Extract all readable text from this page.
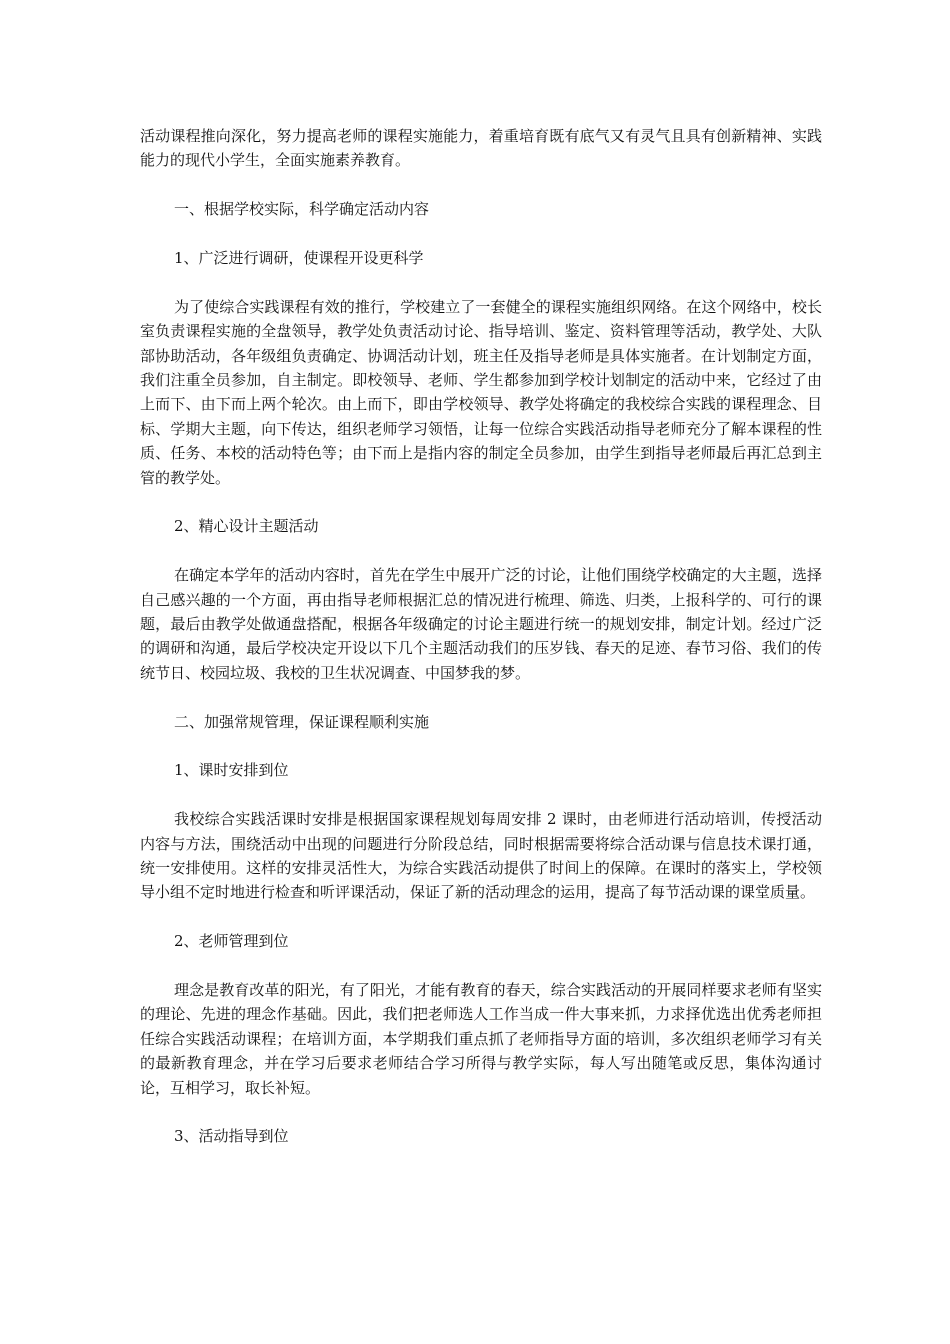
活动课程推向深化，努力提高老师的课程实施能力，着重培育既有底气又有灵气且具有创新精神、实践能力的现代小学生，全面实施素养教育。

一、根据学校实际，科学确定活动内容

1、广泛进行调研，使课程开设更科学

为了使综合实践课程有效的推行，学校建立了一套健全的课程实施组织网络。在这个网络中，校长室负责课程实施的全盘领导，教学处负责活动讨论、指导培训、鉴定、资料管理等活动，教学处、大队部协助活动，各年级组负责确定、协调活动计划，班主任及指导老师是具体实施者。在计划制定方面，我们注重全员参加，自主制定。即校领导、老师、学生都参加到学校计划制定的活动中来，它经过了由上而下、由下而上两个轮次。由上而下，即由学校领导、教学处将确定的我校综合实践的课程理念、目标、学期大主题，向下传达，组织老师学习领悟，让每一位综合实践活动指导老师充分了解本课程的性质、任务、本校的活动特色等；由下而上是指内容的制定全员参加，由学生到指导老师最后再汇总到主管的教学处。

2、精心设计主题活动

在确定本学年的活动内容时，首先在学生中展开广泛的讨论，让他们围绕学校确定的大主题，选择自己感兴趣的一个方面，再由指导老师根据汇总的情况进行梳理、筛选、归类，上报科学的、可行的课题，最后由教学处做通盘搭配，根据各年级确定的讨论主题进行统一的规划安排，制定计划。经过广泛的调研和沟通，最后学校决定开设以下几个主题活动我们的压岁钱、春天的足迹、春节习俗、我们的传统节日、校园垃圾、我校的卫生状况调查、中国梦我的梦。

二、加强常规管理，保证课程顺利实施

1、课时安排到位

我校综合实践活课时安排是根据国家课程规划每周安排 2 课时，由老师进行活动培训，传授活动内容与方法，围绕活动中出现的问题进行分阶段总结，同时根据需要将综合活动课与信息技术课打通，统一安排使用。这样的安排灵活性大，为综合实践活动提供了时间上的保障。在课时的落实上，学校领导小组不定时地进行检查和听评课活动，保证了新的活动理念的运用，提高了每节活动课的课堂质量。

2、老师管理到位

理念是教育改革的阳光，有了阳光，才能有教育的春天，综合实践活动的开展同样要求老师有坚实的理论、先进的理念作基础。因此，我们把老师选人工作当成一件大事来抓，力求择优选出优秀老师担任综合实践活动课程；在培训方面，本学期我们重点抓了老师指导方面的培训，多次组织老师学习有关的最新教育理念，并在学习后要求老师结合学习所得与教学实际，每人写出随笔或反思，集体沟通讨论，互相学习，取长补短。

3、活动指导到位
